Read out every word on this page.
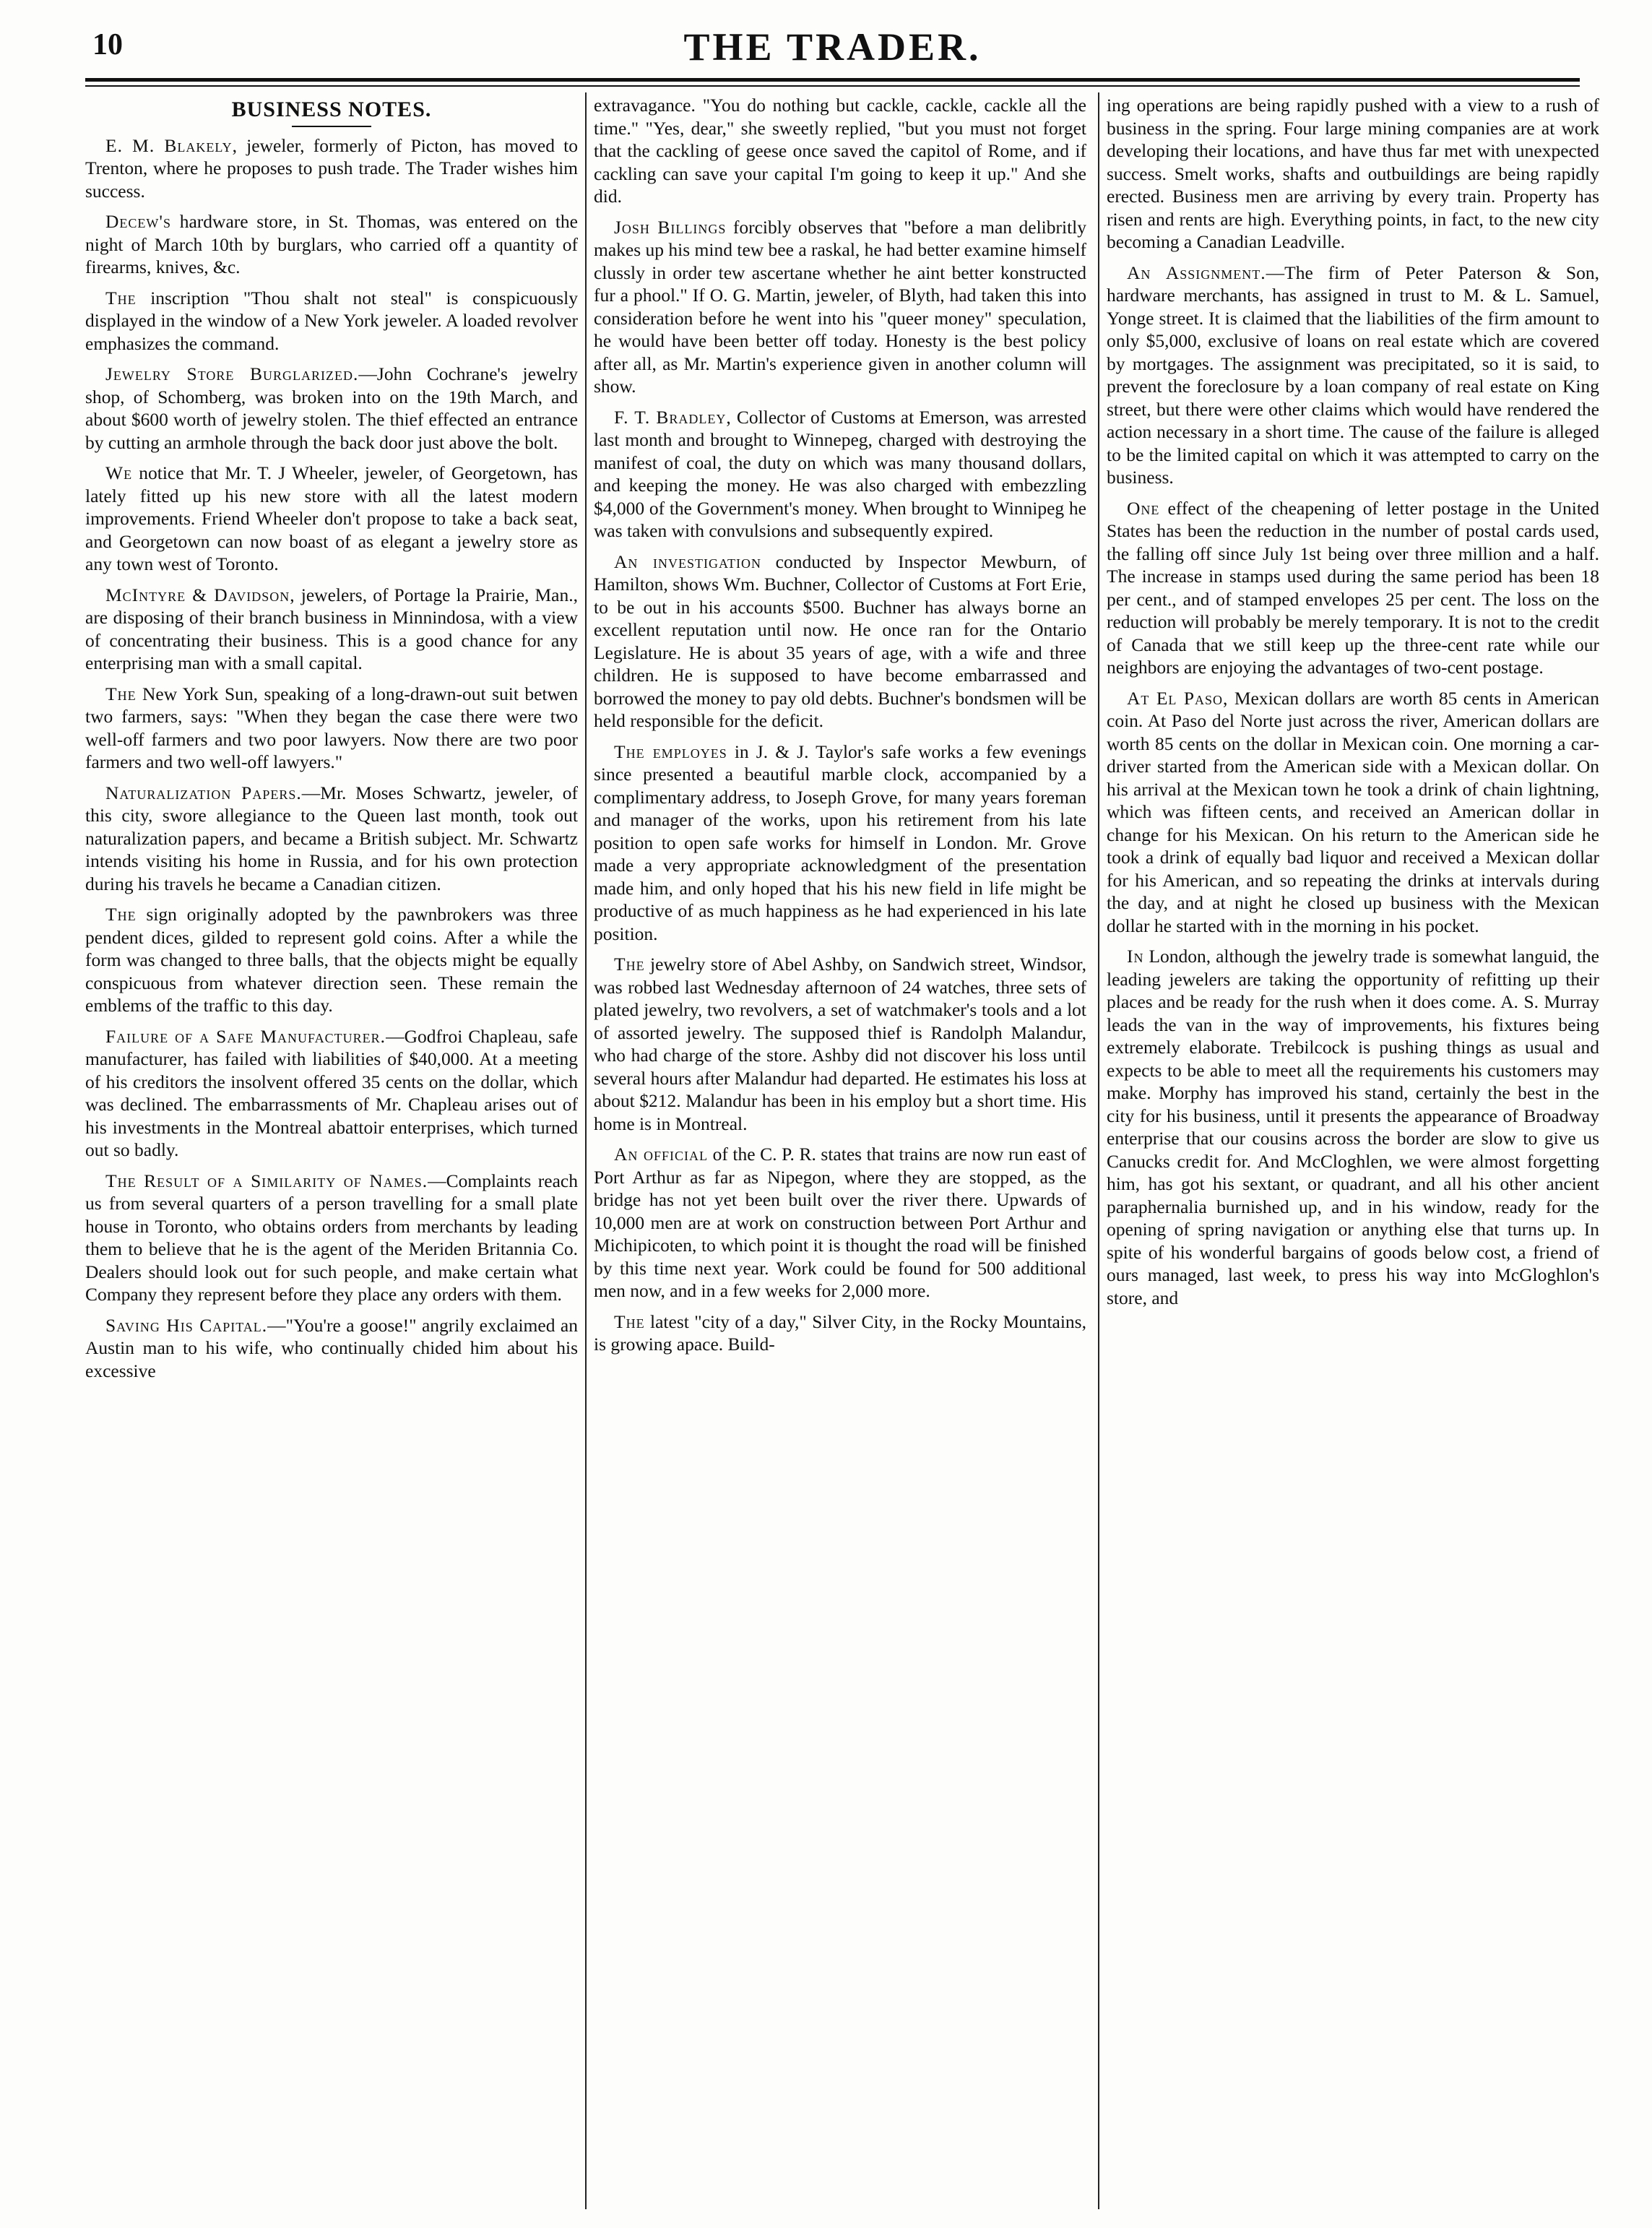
10	THE TRADER.
BUSINESS NOTES.

E. M. Blakely, jeweler, formerly of Picton, has moved to Trenton, where he proposes to push trade. The Trader wishes him success.

Decew's hardware store, in St. Thomas, was entered on the night of March 10th by burglars, who carried off a quantity of firearms, knives, &c.

The inscription "Thou shalt not steal" is conspicuously displayed in the window of a New York jeweler. A loaded revolver emphasizes the command.

Jewelry Store Burglarized.—John Cochrane's jewelry shop, of Schomberg, was broken into on the 19th March, and about $600 worth of jewelry stolen. The thief effected an entrance by cutting an armhole through the back door just above the bolt.

We notice that Mr. T. J Wheeler, jeweler, of Georgetown, has lately fitted up his new store with all the latest modern improvements. Friend Wheeler don't propose to take a back seat, and Georgetown can now boast of as elegant a jewelry store as any town west of Toronto.

McIntyre & Davidson, jewelers, of Portage la Prairie, Man., are disposing of their branch business in Minnindosa, with a view of concentrating their business. This is a good chance for any enterprising man with a small capital.

The New York Sun, speaking of a long-drawn-out suit betwen two farmers, says: "When they began the case there were two well-off farmers and two poor lawyers. Now there are two poor farmers and two well-off lawyers."

Naturalization Papers.—Mr. Moses Schwartz, jeweler, of this city, swore allegiance to the Queen last month, took out naturalization papers, and became a British subject. Mr. Schwartz intends visiting his home in Russia, and for his own protection during his travels he became a Canadian citizen.

The sign originally adopted by the pawnbrokers was three pendent dices, gilded to represent gold coins. After a while the form was changed to three balls, that the objects might be equally conspicuous from whatever direction seen. These remain the emblems of the traffic to this day.

Failure of a Safe Manufacturer.—Godfroi Chapleau, safe manufacturer, has failed with liabilities of $40,000. At a meeting of his creditors the insolvent offered 35 cents on the dollar, which was declined. The embarrassments of Mr. Chapleau arises out of his investments in the Montreal abattoir enterprises, which turned out so badly.

The Result of a Similarity of Names.—Complaints reach us from several quarters of a person travelling for a small plate house in Toronto, who obtains orders from merchants by leading them to believe that he is the agent of the Meriden Britannia Co. Dealers should look out for such people, and make certain what Company they represent before they place any orders with them.

Saving His Capital.—"You're a goose!" angrily exclaimed an Austin man to his wife, who continually chided him about his excessive

extravagance. "You do nothing but cackle, cackle, cackle all the time." "Yes, dear," she sweetly replied, "but you must not forget that the cackling of geese once saved the capitol of Rome, and if cackling can save your capital I'm going to keep it up." And she did.

Josh Billings forcibly observes that "before a man delibritly makes up his mind tew bee a raskal, he had better examine himself clussly in order tew ascertane whether he aint better konstructed fur a phool." If O. G. Martin, jeweler, of Blyth, had taken this into consideration before he went into his "queer money" speculation, he would have been better off today. Honesty is the best policy after all, as Mr. Martin's experience given in another column will show.

F. T. Bradley, Collector of Customs at Emerson, was arrested last month and brought to Winnepeg, charged with destroying the manifest of coal, the duty on which was many thousand dollars, and keeping the money. He was also charged with embezzling $4,000 of the Government's money. When brought to Winnipeg he was taken with convulsions and subsequently expired.

An investigation conducted by Inspector Mewburn, of Hamilton, shows Wm. Buchner, Collector of Customs at Fort Erie, to be out in his accounts $500. Buchner has always borne an excellent reputation until now. He once ran for the Ontario Legislature. He is about 35 years of age, with a wife and three children. He is supposed to have become embarrassed and borrowed the money to pay old debts. Buchner's bondsmen will be held responsible for the deficit.

The employes in J. & J. Taylor's safe works a few evenings since presented a beautiful marble clock, accompanied by a complimentary address, to Joseph Grove, for many years foreman and manager of the works, upon his retirement from his late position to open safe works for himself in London. Mr. Grove made a very appropriate acknowledgment of the presentation made him, and only hoped that his his new field in life might be productive of as much happiness as he had experienced in his late position.

The jewelry store of Abel Ashby, on Sandwich street, Windsor, was robbed last Wednesday afternoon of 24 watches, three sets of plated jewelry, two revolvers, a set of watchmaker's tools and a lot of assorted jewelry. The supposed thief is Randolph Malandur, who had charge of the store. Ashby did not discover his loss until several hours after Malandur had departed. He estimates his loss at about $212. Malandur has been in his employ but a short time. His home is in Montreal.

An official of the C. P. R. states that trains are now run east of Port Arthur as far as Nipegon, where they are stopped, as the bridge has not yet been built over the river there. Upwards of 10,000 men are at work on construction between Port Arthur and Michipicoten, to which point it is thought the road will be finished by this time next year. Work could be found for 500 additional men now, and in a few weeks for 2,000 more.

The latest "city of a day," Silver City, in the Rocky Mountains, is growing apace. Build-

ing operations are being rapidly pushed with a view to a rush of business in the spring. Four large mining companies are at work developing their locations, and have thus far met with unexpected success. Smelt works, shafts and outbuildings are being rapidly erected. Business men are arriving by every train. Property has risen and rents are high. Everything points, in fact, to the new city becoming a Canadian Leadville.

An Assignment.—The firm of Peter Paterson & Son, hardware merchants, has assigned in trust to M. & L. Samuel, Yonge street. It is claimed that the liabilities of the firm amount to only $5,000, exclusive of loans on real estate which are covered by mortgages. The assignment was precipitated, so it is said, to prevent the foreclosure by a loan company of real estate on King street, but there were other claims which would have rendered the action necessary in a short time. The cause of the failure is alleged to be the limited capital on which it was attempted to carry on the business.

One effect of the cheapening of letter postage in the United States has been the reduction in the number of postal cards used, the falling off since July 1st being over three million and a half. The increase in stamps used during the same period has been 18 per cent., and of stamped envelopes 25 per cent. The loss on the reduction will probably be merely temporary. It is not to the credit of Canada that we still keep up the three-cent rate while our neighbors are enjoying the advantages of two-cent postage.

At El Paso, Mexican dollars are worth 85 cents in American coin. At Paso del Norte just across the river, American dollars are worth 85 cents on the dollar in Mexican coin. One morning a car-driver started from the American side with a Mexican dollar. On his arrival at the Mexican town he took a drink of chain lightning, which was fifteen cents, and received an American dollar in change for his Mexican. On his return to the American side he took a drink of equally bad liquor and received a Mexican dollar for his American, and so repeating the drinks at intervals during the day, and at night he closed up business with the Mexican dollar he started with in the morning in his pocket.

In London, although the jewelry trade is somewhat languid, the leading jewelers are taking the opportunity of refitting up their places and be ready for the rush when it does come. A. S. Murray leads the van in the way of improvements, his fixtures being extremely elaborate. Trebilcock is pushing things as usual and expects to be able to meet all the requirements his customers may make. Morphy has improved his stand, certainly the best in the city for his business, until it presents the appearance of Broadway enterprise that our cousins across the border are slow to give us Canucks credit for. And McCloghlen, we were almost forgetting him, has got his sextant, or quadrant, and all his other ancient paraphernalia burnished up, and in his window, ready for the opening of spring navigation or anything else that turns up. In spite of his wonderful bargains of goods below cost, a friend of ours managed, last week, to press his way into McGloghlon's store, and
